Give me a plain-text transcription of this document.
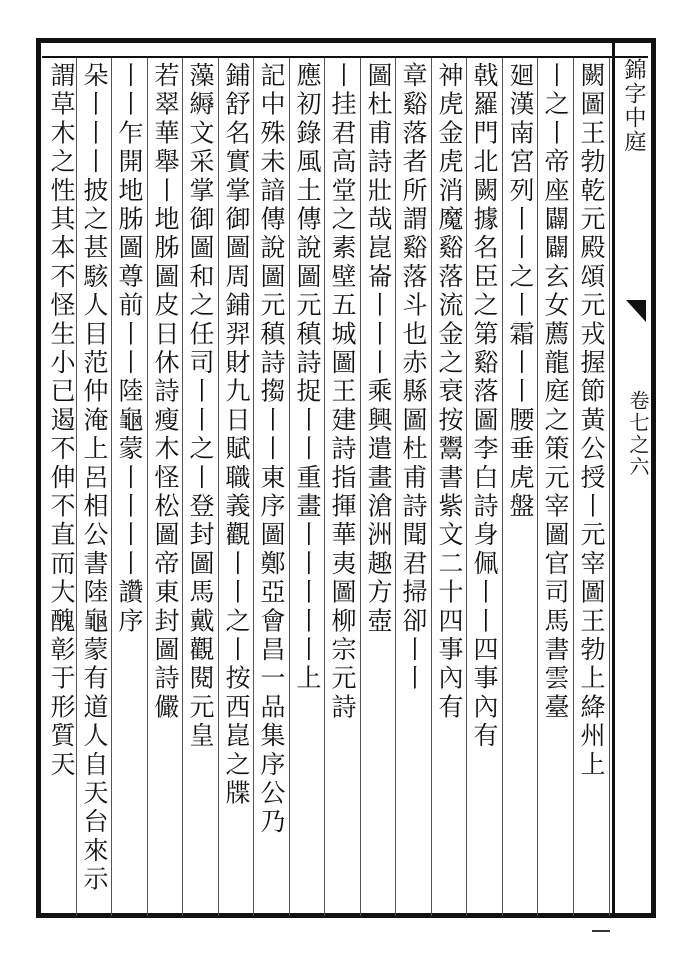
錦字中庭
卷七之六
闕圖王勃乾元殿頌元戎握節黃公授丨元宰圖王勃上絳州上
丨之丨帝座闢闢玄女薦龍庭之策元宰圖官司馬書雲臺
廻漢南宮列丨丨之丨霜丨丨腰垂虎盤
戟羅門北闕據名臣之第谿落圖李白詩身佩丨丨四事內有
神虎金虎消魔谿落流金之衰按鬻書紫文二十四事內有
章谿落者所謂谿落斗也赤縣圖杜甫詩聞君掃卻丨丨
圖杜甫詩壯哉崑崙丨丨丨乘興遣畫滄洲趣方壺
丨挂君高堂之素壁五城圖王建詩指揮華夷圖柳宗元詩
應初錄風土傳說圖元稹詩捉丨丨重畫丨丨丨丨丨上
記中殊未諳傳說圖元稹詩搊丨丨東序圖鄭亞會昌一品集序公乃
鋪舒名實掌御圖周鋪羿財九日賦職義觀丨丨之丨按西崑之牒
藻縟文采掌御圖和之任司丨丨之丨登封圖馬戴觀閱元皇
若翠華舉丨地胏圖皮日休詩瘦木怪松圖帝東封圖詩儼
丨丨乍開地胏圖尊前丨丨陸龜蒙丨丨丨丨讚序
朵丨丨丨披之甚駭人目范仲淹上呂相公書陸龜蒙有道人自天台來示
謂草木之性其本不怪生小已遏不伸不直而大醜彰于形質天
